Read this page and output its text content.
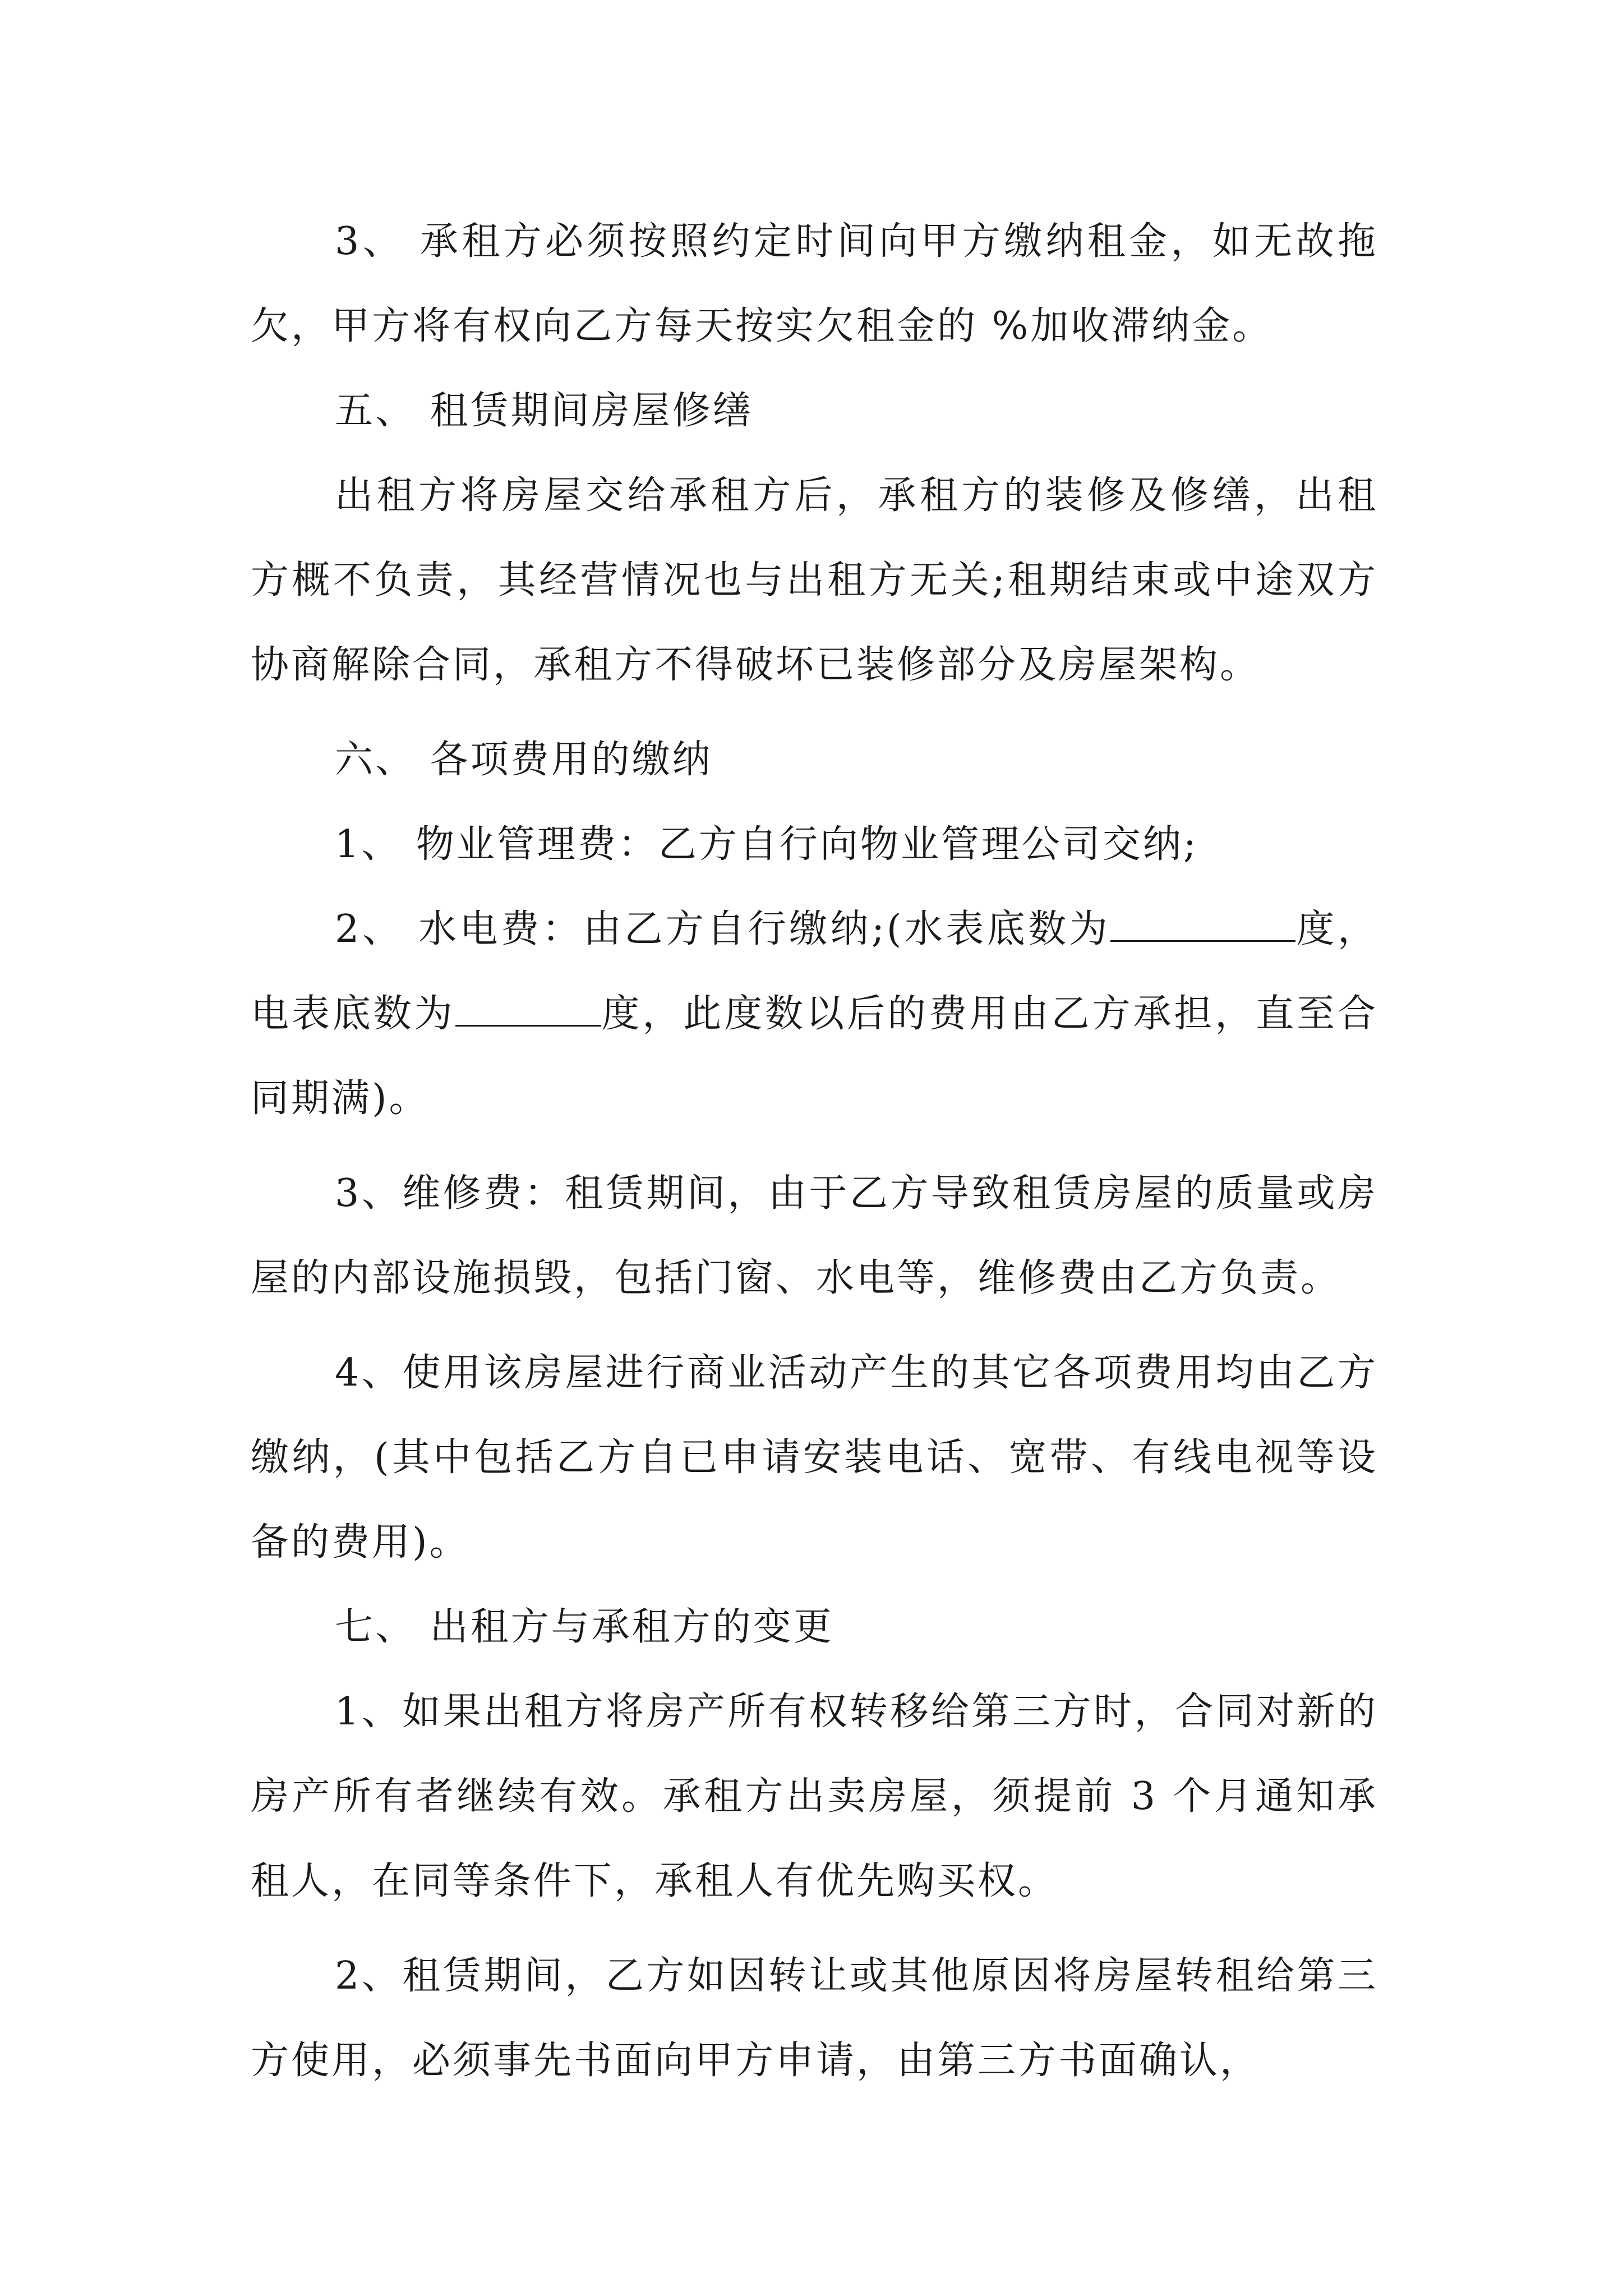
3、 承租方必须按照约定时间向甲方缴纳租金，如无故拖欠，甲方将有权向乙方每天按实欠租金的 %加收滞纳金。

五、 租赁期间房屋修缮

出租方将房屋交给承租方后，承租方的装修及修缮，出租方概不负责，其经营情况也与出租方无关;租期结束或中途双方协商解除合同，承租方不得破坏已装修部分及房屋架构。

六、 各项费用的缴纳

1、 物业管理费：乙方自行向物业管理公司交纳;

2、 水电费：由乙方自行缴纳;(水表底数为	度，电表底数为	度，此度数以后的费用由乙方承担，直至合同期满)。

3、维修费：租赁期间，由于乙方导致租赁房屋的质量或房屋的内部设施损毁，包括门窗、水电等，维修费由乙方负责。

4、使用该房屋进行商业活动产生的其它各项费用均由乙方缴纳，(其中包括乙方自已申请安装电话、宽带、有线电视等设备的费用)。

七、 出租方与承租方的变更

1、如果出租方将房产所有权转移给第三方时，合同对新的房产所有者继续有效。承租方出卖房屋，须提前 3 个月通知承租人，在同等条件下，承租人有优先购买权。

2、租赁期间，乙方如因转让或其他原因将房屋转租给第三方使用，必须事先书面向甲方申请，由第三方书面确认，
